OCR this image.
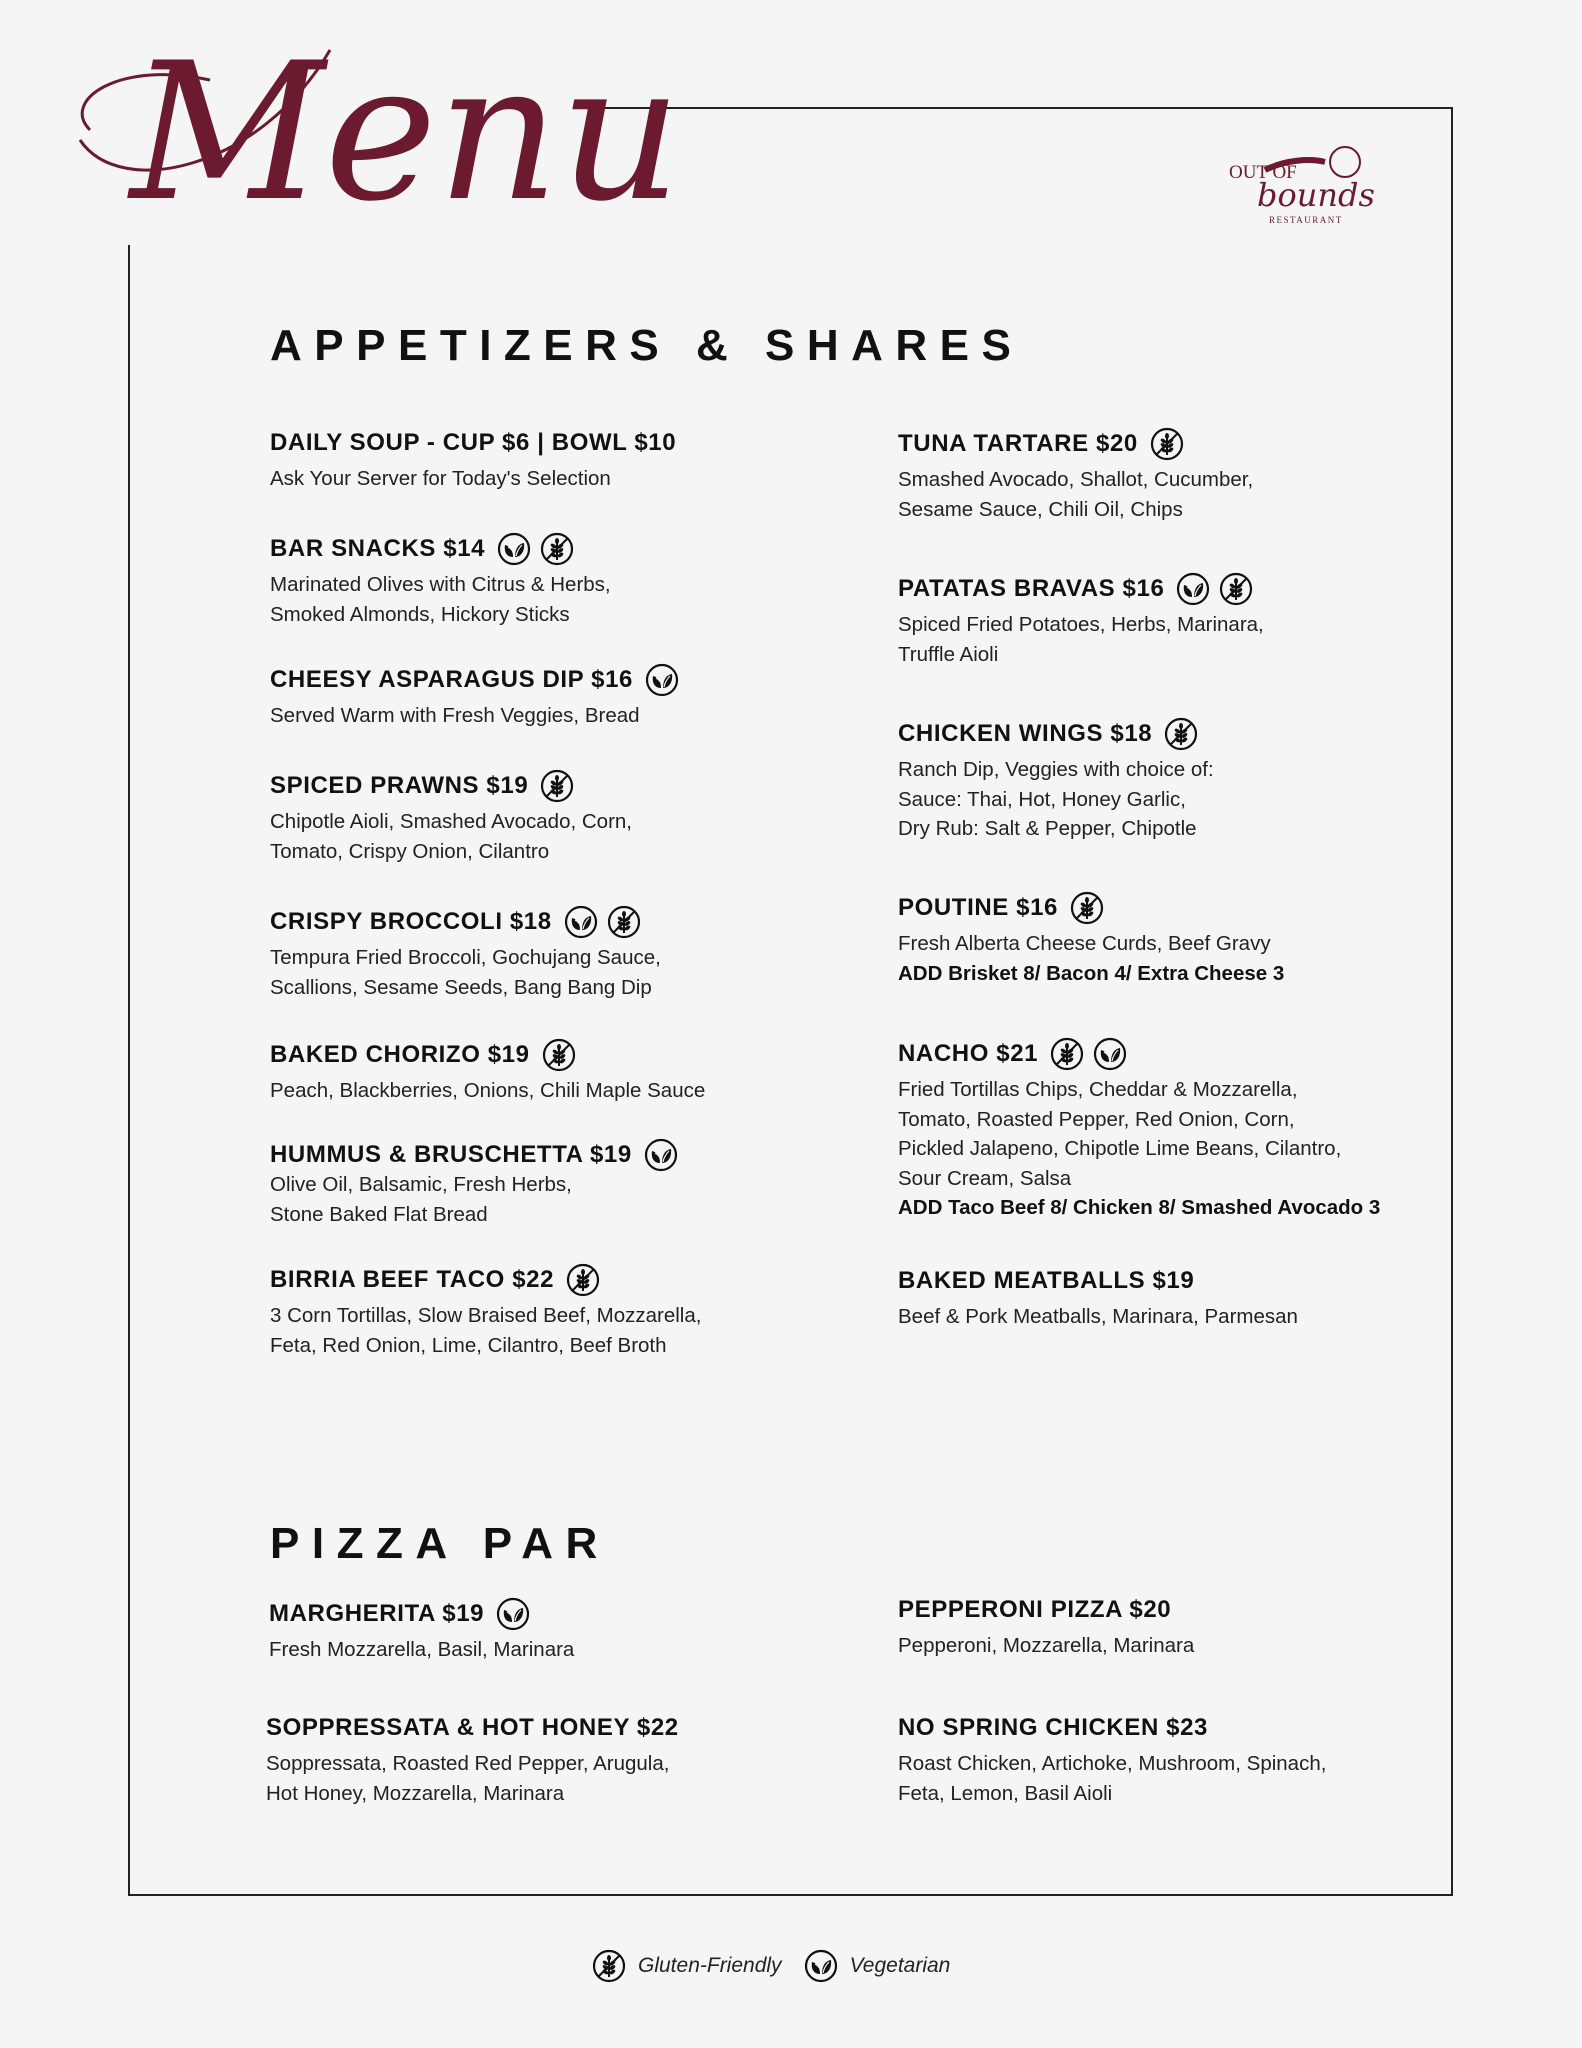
Menu	OUT OF
bounds
RESTAURANT
APPETIZERS & SHARES
DAILY SOUP - CUP $6 | BOWL $10
Ask Your Server for Today's Selection
BAR SNACKS $14
Marinated Olives with Citrus & Herbs,
Smoked Almonds, Hickory Sticks
CHEESY ASPARAGUS DIP $16
Served Warm with Fresh Veggies, Bread
SPICED PRAWNS $19
Chipotle Aioli, Smashed Avocado, Corn,
Tomato, Crispy Onion, Cilantro
CRISPY BROCCOLI $18
Tempura Fried Broccoli, Gochujang Sauce,
Scallions, Sesame Seeds, Bang Bang Dip
BAKED CHORIZO $19
Peach, Blackberries, Onions, Chili Maple Sauce
HUMMUS & BRUSCHETTA $19
Olive Oil, Balsamic, Fresh Herbs,
Stone Baked Flat Bread
BIRRIA BEEF TACO $22
3 Corn Tortillas, Slow Braised Beef, Mozzarella,
Feta, Red Onion, Lime, Cilantro, Beef Broth
TUNA TARTARE $20
Smashed Avocado, Shallot, Cucumber,
Sesame Sauce, Chili Oil, Chips
PATATAS BRAVAS $16
Spiced Fried Potatoes, Herbs, Marinara,
Truffle Aioli
CHICKEN WINGS $18
Ranch Dip, Veggies with choice of:
Sauce: Thai, Hot, Honey Garlic,
Dry Rub: Salt & Pepper, Chipotle
POUTINE $16
Fresh Alberta Cheese Curds, Beef Gravy
ADD Brisket 8/ Bacon 4/ Extra Cheese 3
NACHO $21
Fried Tortillas Chips, Cheddar & Mozzarella,
Tomato, Roasted Pepper, Red Onion, Corn,
Pickled Jalapeno, Chipotle Lime Beans, Cilantro,
Sour Cream, Salsa
ADD Taco Beef 8/ Chicken 8/ Smashed Avocado 3
BAKED MEATBALLS $19
Beef & Pork Meatballs, Marinara, Parmesan
PIZZA PAR
MARGHERITA $19
Fresh Mozzarella, Basil, Marinara
SOPPRESSATA & HOT HONEY $22
Soppressata, Roasted Red Pepper, Arugula,
Hot Honey, Mozzarella, Marinara
PEPPERONI PIZZA $20
Pepperoni, Mozzarella, Marinara
NO SPRING CHICKEN $23
Roast Chicken, Artichoke, Mushroom, Spinach,
Feta, Lemon, Basil Aioli
Gluten-Friendly	Vegetarian
